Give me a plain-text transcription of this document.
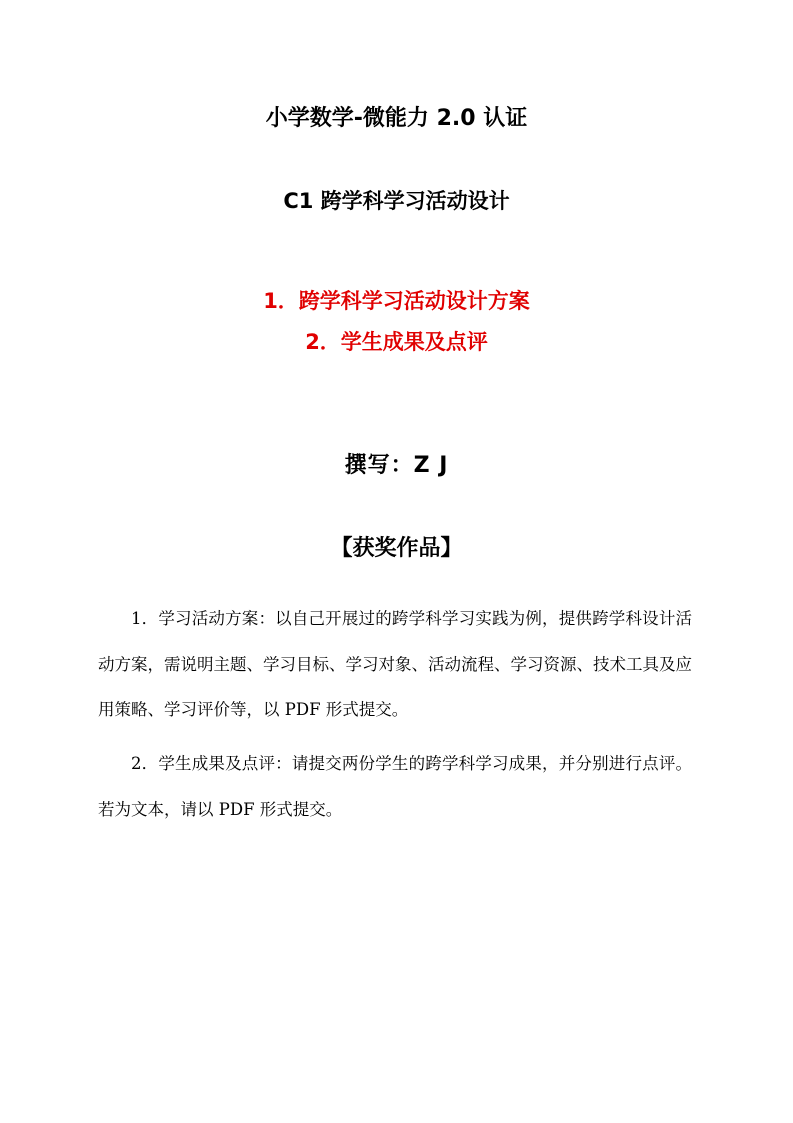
小学数学-微能力 2.0 认证
C1 跨学科学习活动设计
1．跨学科学习活动设计方案
2．学生成果及点评
撰写：Z J
【获奖作品】

1．学习活动方案：以自己开展过的跨学科学习实践为例，提供跨学科设计活动方案，需说明主题、学习目标、学习对象、活动流程、学习资源、技术工具及应用策略、学习评价等，以 PDF 形式提交。

2．学生成果及点评：请提交两份学生的跨学科学习成果，并分别进行点评。若为文本，请以 PDF 形式提交。
